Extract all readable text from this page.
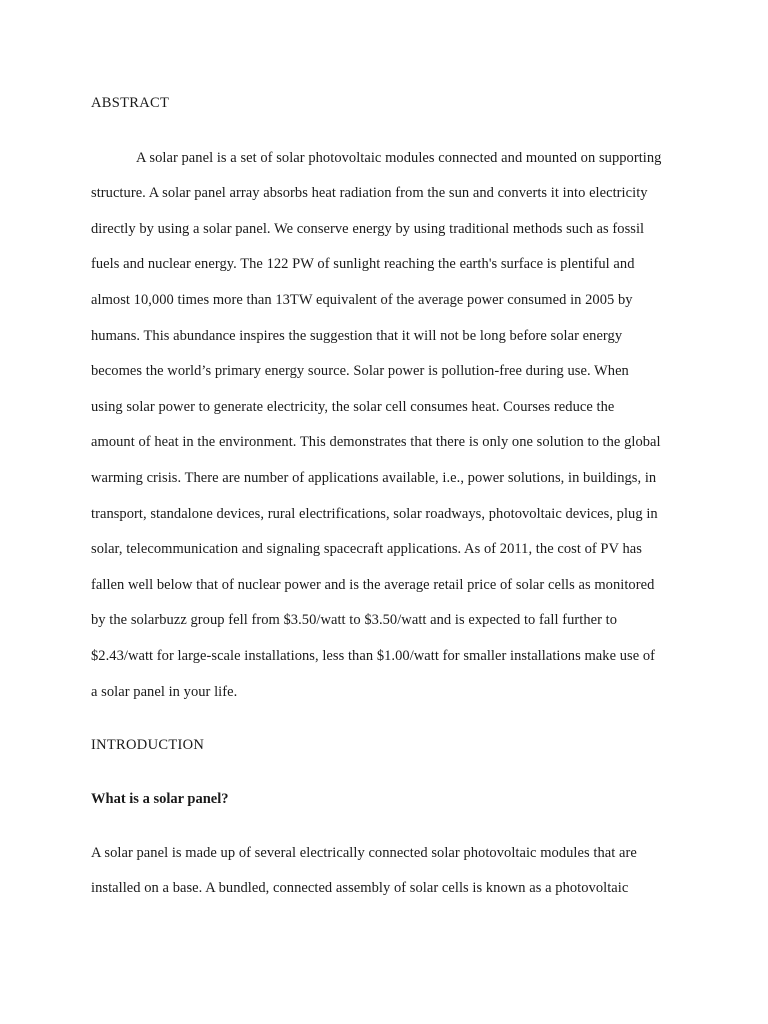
ABSTRACT
A solar panel is a set of solar photovoltaic modules connected and mounted on supporting
structure. A solar panel array absorbs heat radiation from the sun and converts it into electricity
directly by using a solar panel. We conserve energy by using traditional methods such as fossil
fuels and nuclear energy. The 122 PW of sunlight reaching the earth's surface is plentiful and
almost 10,000 times more than 13TW equivalent of the average power consumed in 2005 by
humans. This abundance inspires the suggestion that it will not be long before solar energy
becomes the world’s primary energy source. Solar power is pollution-free during use. When
using solar power to generate electricity, the solar cell consumes heat. Courses reduce the
amount of heat in the environment. This demonstrates that there is only one solution to the global
warming crisis. There are number of applications available, i.e., power solutions, in buildings, in
transport, standalone devices, rural electrifications, solar roadways, photovoltaic devices, plug in
solar, telecommunication and signaling spacecraft applications. As of 2011, the cost of PV has
fallen well below that of nuclear power and is the average retail price of solar cells as monitored
by the solarbuzz group fell from $3.50/watt to $3.50/watt and is expected to fall further to
$2.43/watt for large-scale installations, less than $1.00/watt for smaller installations make use of
a solar panel in your life.
INTRODUCTION
What is a solar panel?
A solar panel is made up of several electrically connected solar photovoltaic modules that are
installed on a base. A bundled, connected assembly of solar cells is known as a photovoltaic
